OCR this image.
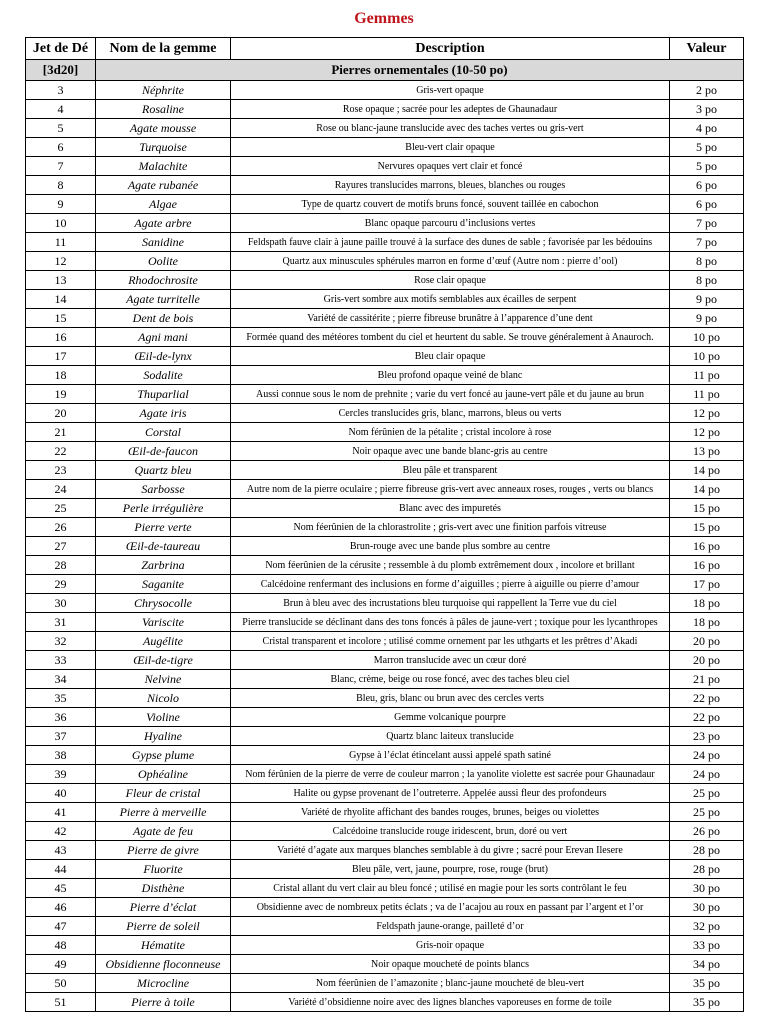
Gemmes
Jet de Dé	Nom de la gemme	Description	Valeur
[3d20]	Pierres ornementales (10-50 po)		
3	Néphrite	Gris-vert opaque	2 po
4	Rosaline	Rose opaque ; sacrée pour les adeptes de Ghaunadaur	3 po
5	Agate mousse	Rose ou blanc-jaune translucide avec des taches vertes ou gris-vert	4 po
6	Turquoise	Bleu-vert clair opaque	5 po
7	Malachite	Nervures opaques vert clair et foncé	5 po
8	Agate rubanée	Rayures translucides marrons, bleues, blanches ou rouges	6 po
9	Algae	Type de quartz couvert de motifs bruns foncé, souvent taillée en cabochon	6 po
10	Agate arbre	Blanc opaque parcouru d’inclusions vertes	7 po
11	Sanidine	Feldspath fauve clair à jaune paille trouvé à la surface des dunes de sable ; favorisée par les bédouins	7 po
12	Oolite	Quartz aux minuscules sphérules marron en forme d’œuf (Autre nom : pierre d’ool)	8 po
13	Rhodochrosite	Rose clair opaque	8 po
14	Agate turritelle	Gris-vert sombre aux motifs semblables aux écailles de serpent	9 po
15	Dent de bois	Variété de cassitérite ; pierre fibreuse brunâtre à l’apparence d’une dent	9 po
16	Agni mani	Formée quand des météores tombent du ciel et heurtent du sable. Se trouve généralement à Anauroch.	10 po
17	Œil-de-lynx	Bleu clair opaque	10 po
18	Sodalite	Bleu profond opaque veiné de blanc	11 po
19	Thuparlial	Aussi connue sous le nom de prehnite ; varie du vert foncé au jaune-vert pâle et du jaune au brun	11 po
20	Agate iris	Cercles translucides gris, blanc, marrons, bleus ou verts	12 po
21	Corstal	Nom férûnien de la pétalite ; cristal incolore à rose	12 po
22	Œil-de-faucon	Noir opaque avec une bande blanc-gris au centre	13 po
23	Quartz bleu	Bleu pâle et transparent	14 po
24	Sarbosse	Autre nom de la pierre oculaire ; pierre fibreuse gris-vert avec anneaux roses, rouges , verts ou blancs	14 po
25	Perle irrégulière	Blanc avec des impuretés	15 po
26	Pierre verte	Nom féerûnien de la chlorastrolite ; gris-vert avec une finition parfois vitreuse	15 po
27	Œil-de-taureau	Brun-rouge avec une bande plus sombre au centre	16 po
28	Zarbrina	Nom féerûnien de la cérusite ; ressemble à du plomb extrêmement doux , incolore et brillant	16 po
29	Saganite	Calcédoine renfermant des inclusions en forme d’aiguilles ; pierre à aiguille ou pierre d’amour	17 po
30	Chrysocolle	Brun à bleu avec des incrustations bleu turquoise qui rappellent la Terre vue du ciel	18 po
31	Variscite	Pierre translucide se déclinant dans des tons foncés à pâles de jaune-vert ; toxique pour les lycanthropes	18 po
32	Augélite	Cristal transparent et incolore ; utilisé comme ornement par les uthgarts et les prêtres d’Akadi	20 po
33	Œil-de-tigre	Marron translucide avec un cœur doré	20 po
34	Nelvine	Blanc, crème, beige ou rose foncé, avec des taches bleu ciel	21 po
35	Nicolo	Bleu, gris, blanc ou brun avec des cercles verts	22 po
36	Violine	Gemme volcanique pourpre	22 po
37	Hyaline	Quartz blanc laiteux translucide	23 po
38	Gypse plume	Gypse à l’éclat étincelant aussi appelé spath satiné	24 po
39	Ophéaline	Nom férûnien de la pierre de verre de couleur marron ; la yanolite violette est sacrée pour Ghaunadaur	24 po
40	Fleur de cristal	Halite ou gypse provenant de l’outreterre. Appelée aussi fleur des profondeurs	25 po
41	Pierre à merveille	Variété de rhyolite affichant des bandes rouges, brunes, beiges ou violettes	25 po
42	Agate de feu	Calcédoine translucide rouge iridescent, brun, doré ou vert	26 po
43	Pierre de givre	Variété d’agate aux marques blanches semblable à du givre ; sacré pour Erevan Ilesere	28 po
44	Fluorite	Bleu pâle, vert, jaune, pourpre, rose, rouge (brut)	28 po
45	Disthène	Cristal allant du vert clair au bleu foncé ; utilisé en magie pour les sorts contrôlant le feu	30 po
46	Pierre d’éclat	Obsidienne avec de nombreux petits éclats ; va de l’acajou au roux en passant par l’argent et l’or	30 po
47	Pierre de soleil	Feldspath jaune-orange, pailleté d’or	32 po
48	Hématite	Gris-noir opaque	33 po
49	Obsidienne floconneuse	Noir opaque moucheté de points blancs	34 po
50	Microcline	Nom féerûnien de l’amazonite ; blanc-jaune moucheté de bleu-vert	35 po
51	Pierre à toile	Variété d’obsidienne noire avec des lignes blanches vaporeuses en forme de toile	35 po
